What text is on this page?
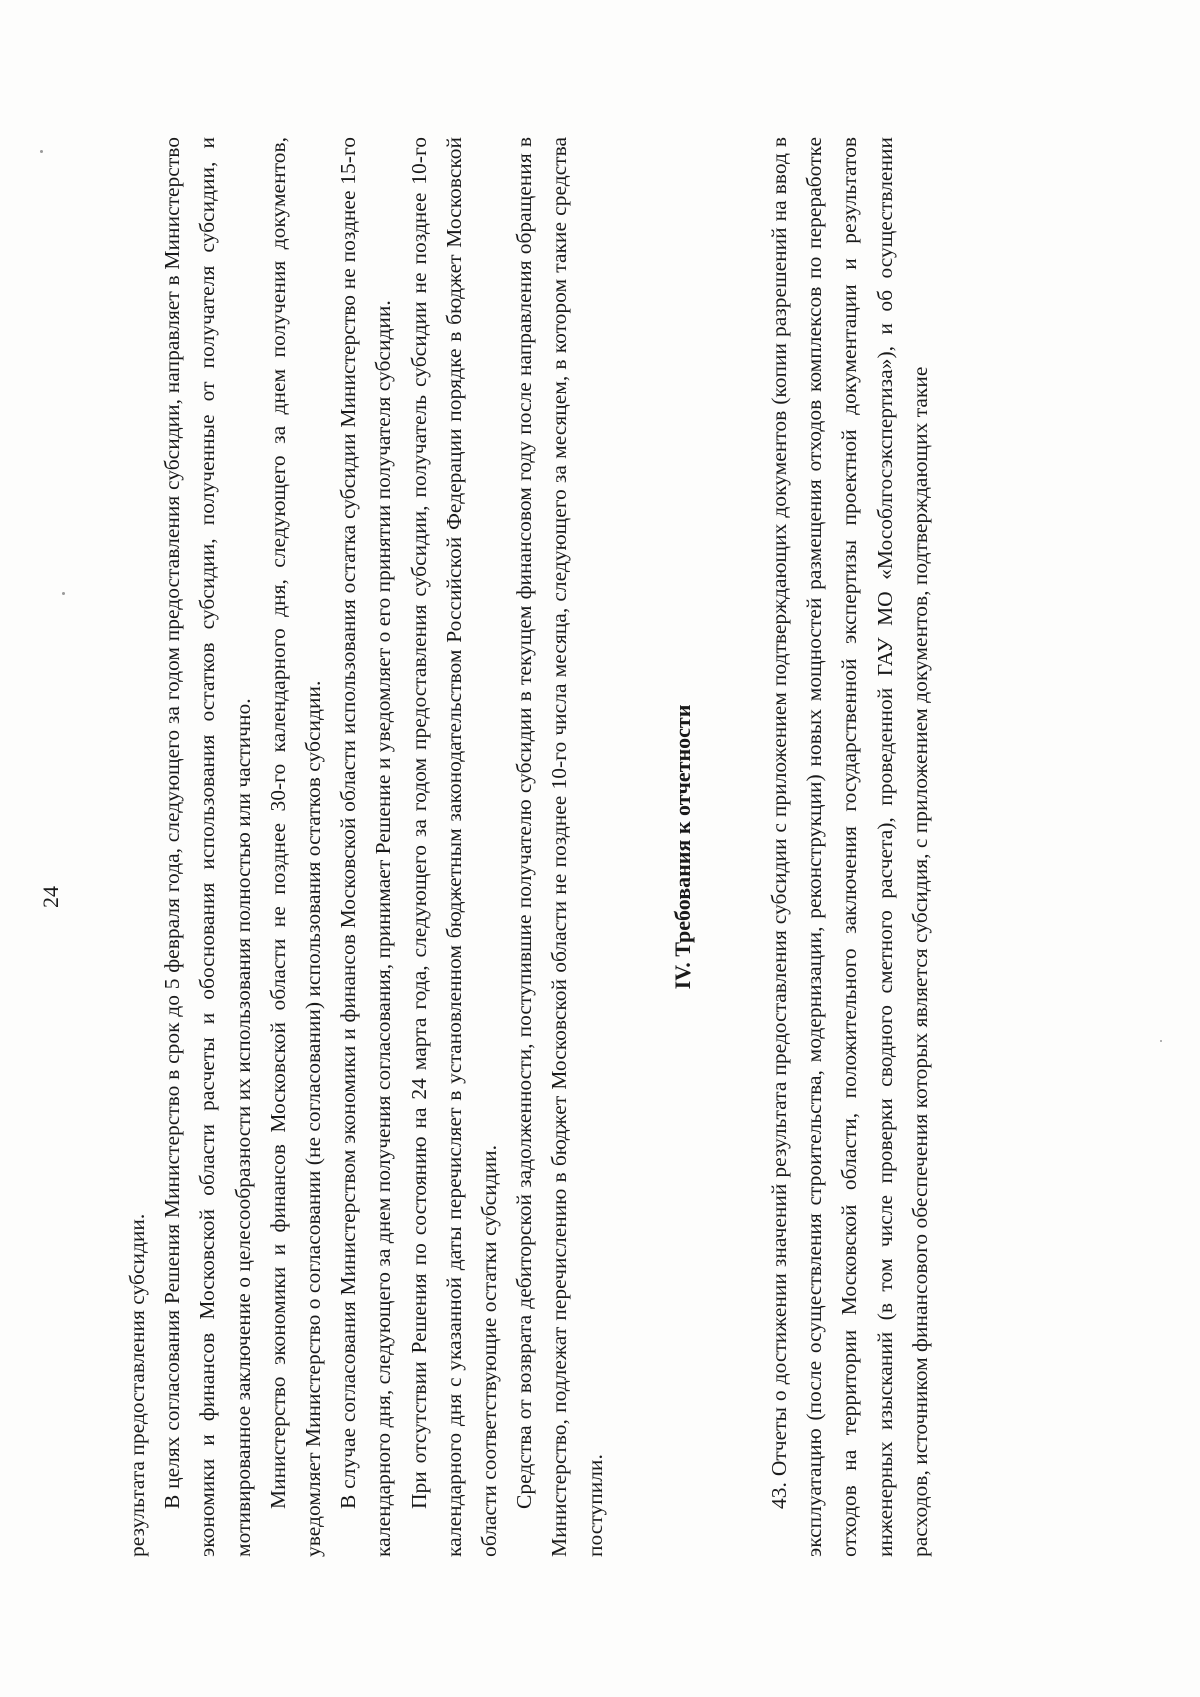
24

результата предоставления субсидии. В целях согласования Решения Министерство в срок до 5 февраля года, следующего за годом предоставления субсидии, направляет в Министерство экономики и финансов Московской области расчеты и обоснования использования остатков субсидии, полученные от получателя субсидии, и мотивированное заключение о целесообразности их использования полностью или частично. Министерство экономики и финансов Московской области не позднее 30-го календарного дня, следующего за днем получения документов, уведомляет Министерство о согласовании (не согласовании) использования остатков субсидии. В случае согласования Министерством экономики и финансов Московской области использования остатка субсидии Министерство не позднее 15-го календарного дня, следующего за днем получения согласования, принимает Решение и уведомляет о его принятии получателя субсидии. При отсутствии Решения по состоянию на 24 марта года, следующего за годом предоставления субсидии, получатель субсидии не позднее 10-го календарного дня с указанной даты перечисляет в установленном бюджетным законодательством Российской Федерации порядке в бюджет Московской области соответствующие остатки субсидии. Средства от возврата дебиторской задолженности, поступившие получателю субсидии в текущем финансовом году после направления обращения в Министерство, подлежат перечислению в бюджет Московской области не позднее 10-го числа месяца, следующего за месяцем, в котором такие средства поступили.

IV. Требования к отчетности	43. Отчеты о достижении значений результата предоставления субсидии с приложением подтверждающих документов (копии разрешений на ввод в эксплуатацию (после осуществления строительства, модернизации, реконструкции) новых мощностей размещения отходов комплексов по переработке отходов на территории Московской области, положительного заключения государственной экспертизы проектной документации и результатов инженерных изысканий (в том числе проверки сводного сметного расчета), проведенной ГАУ МО «Мособлгосэкспертиза»), и об осуществлении расходов, источником финансового обеспечения которых является субсидия, с приложением документов, подтверждающих такие
